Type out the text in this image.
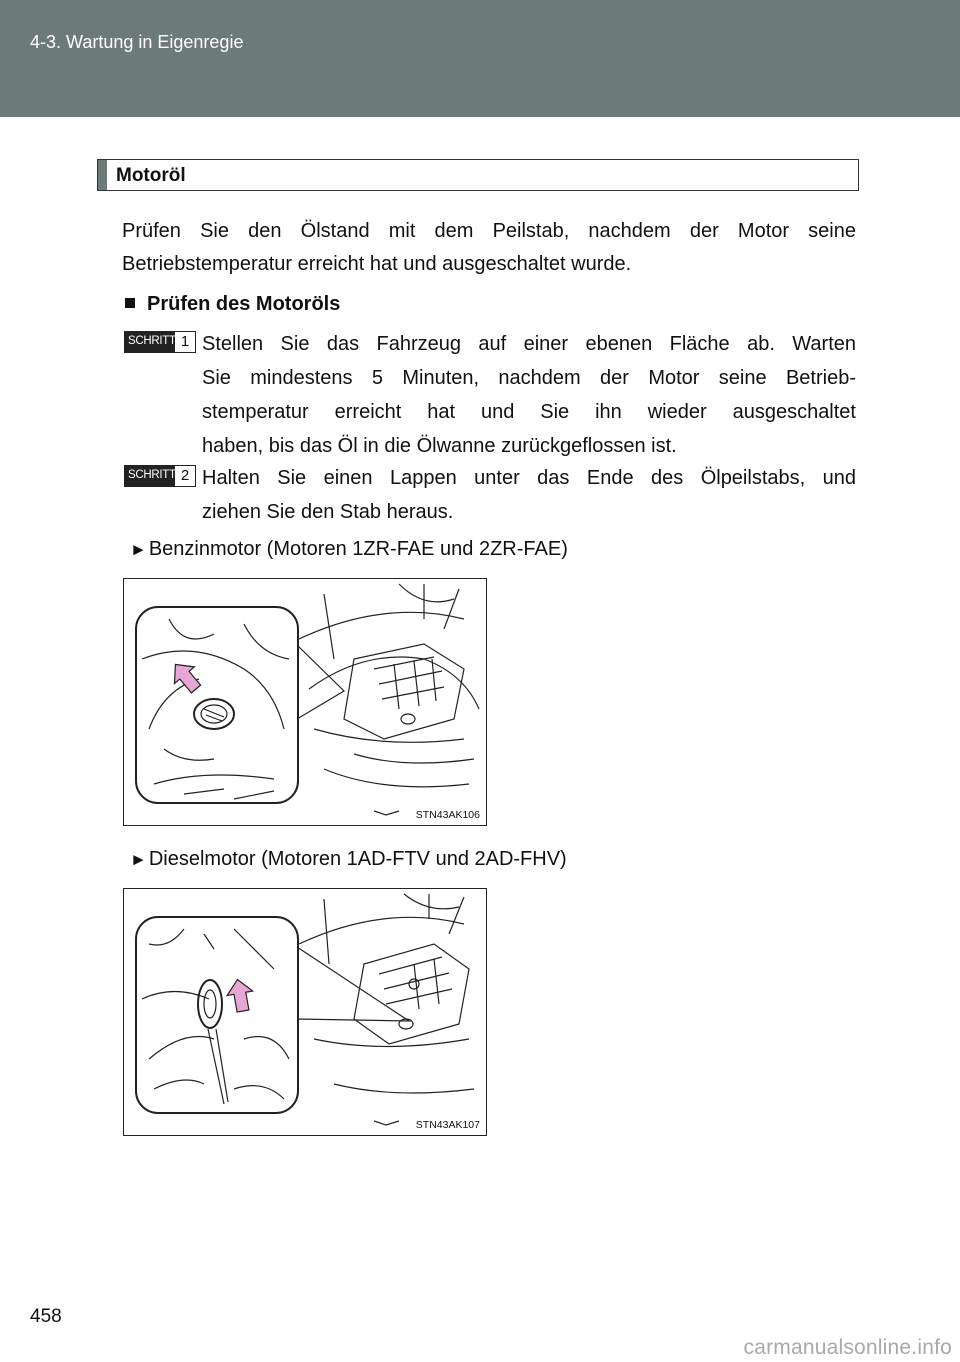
4-3. Wartung in Eigenregie
Motoröl
Prüfen Sie den Ölstand mit dem Peilstab, nachdem der Motor seine
Betriebstemperatur erreicht hat und ausgeschaltet wurde.
Prüfen des Motoröls
SCHRITT 1 Stellen Sie das Fahrzeug auf einer ebenen Fläche ab. Warten
Sie mindestens 5 Minuten, nachdem der Motor seine Betrieb-
stemperatur erreicht hat und Sie ihn wieder ausgeschaltet
haben, bis das Öl in die Ölwanne zurückgeflossen ist.
SCHRITT 2 Halten Sie einen Lappen unter das Ende des Ölpeilstabs, und
ziehen Sie den Stab heraus.
► Benzinmotor (Motoren 1ZR-FAE und 2ZR-FAE)
STN43AK106
► Dieselmotor (Motoren 1AD-FTV und 2AD-FHV)
STN43AK107
458
carmanualsonline.info
